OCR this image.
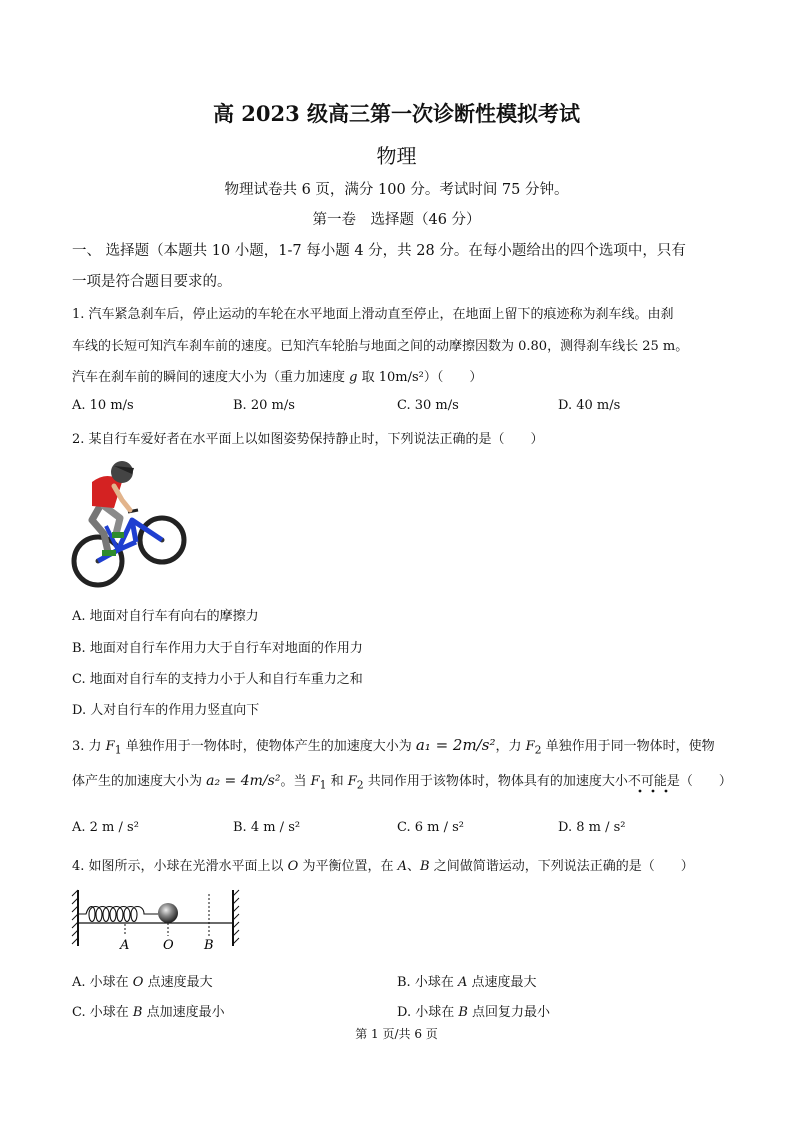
高 2023 级高三第一次诊断性模拟考试
物理
物理试卷共 6 页，满分 100 分。考试时间 75 分钟。
第一卷　选择题（46 分）
一、 选择题（本题共 10 小题，1-7 每小题 4 分，共 28 分。在每小题给出的四个选项中，只有
一项是符合题目要求的。
1. 汽车紧急刹车后，停止运动的车轮在水平地面上滑动直至停止，在地面上留下的痕迹称为刹车线。由刹
车线的长短可知汽车刹车前的速度。已知汽车轮胎与地面之间的动摩擦因数为 0.80，测得刹车线长 25 m。
汽车在刹车前的瞬间的速度大小为（重力加速度 g 取 10m/s²）（　　）
A. 10 m/s	B. 20 m/s	C. 30 m/s	D. 40 m/s
2. 某自行车爱好者在水平面上以如图姿势保持静止时，下列说法正确的是（　　）
A. 地面对自行车有向右的摩擦力
B. 地面对自行车作用力大于自行车对地面的作用力
C. 地面对自行车的支持力小于人和自行车重力之和
D. 人对自行车的作用力竖直向下
3. 力 $F_1$ 单独作用于一物体时，使物体产生的加速度大小为 a₁ = 2m/s²，力 $F_2$ 单独作用于同一物体时，使物
体产生的加速度大小为 a₂ = 4m/s²。当 $F_1$ 和 $F_2$ 共同作用于该物体时，物体具有的加速度大小不可能是（　　）
A. 2 m / s²	B. 4 m / s²	C. 6 m / s²	D. 8 m / s²
4. 如图所示，小球在光滑水平面上以 O 为平衡位置，在 A、B 之间做简谐运动，下列说法正确的是（　　）
A	O B
A. 小球在 O 点速度最大	B. 小球在 A 点速度最大
C. 小球在 B 点加速度最小	D. 小球在 B 点回复力最小
第 1 页/共 6 页
